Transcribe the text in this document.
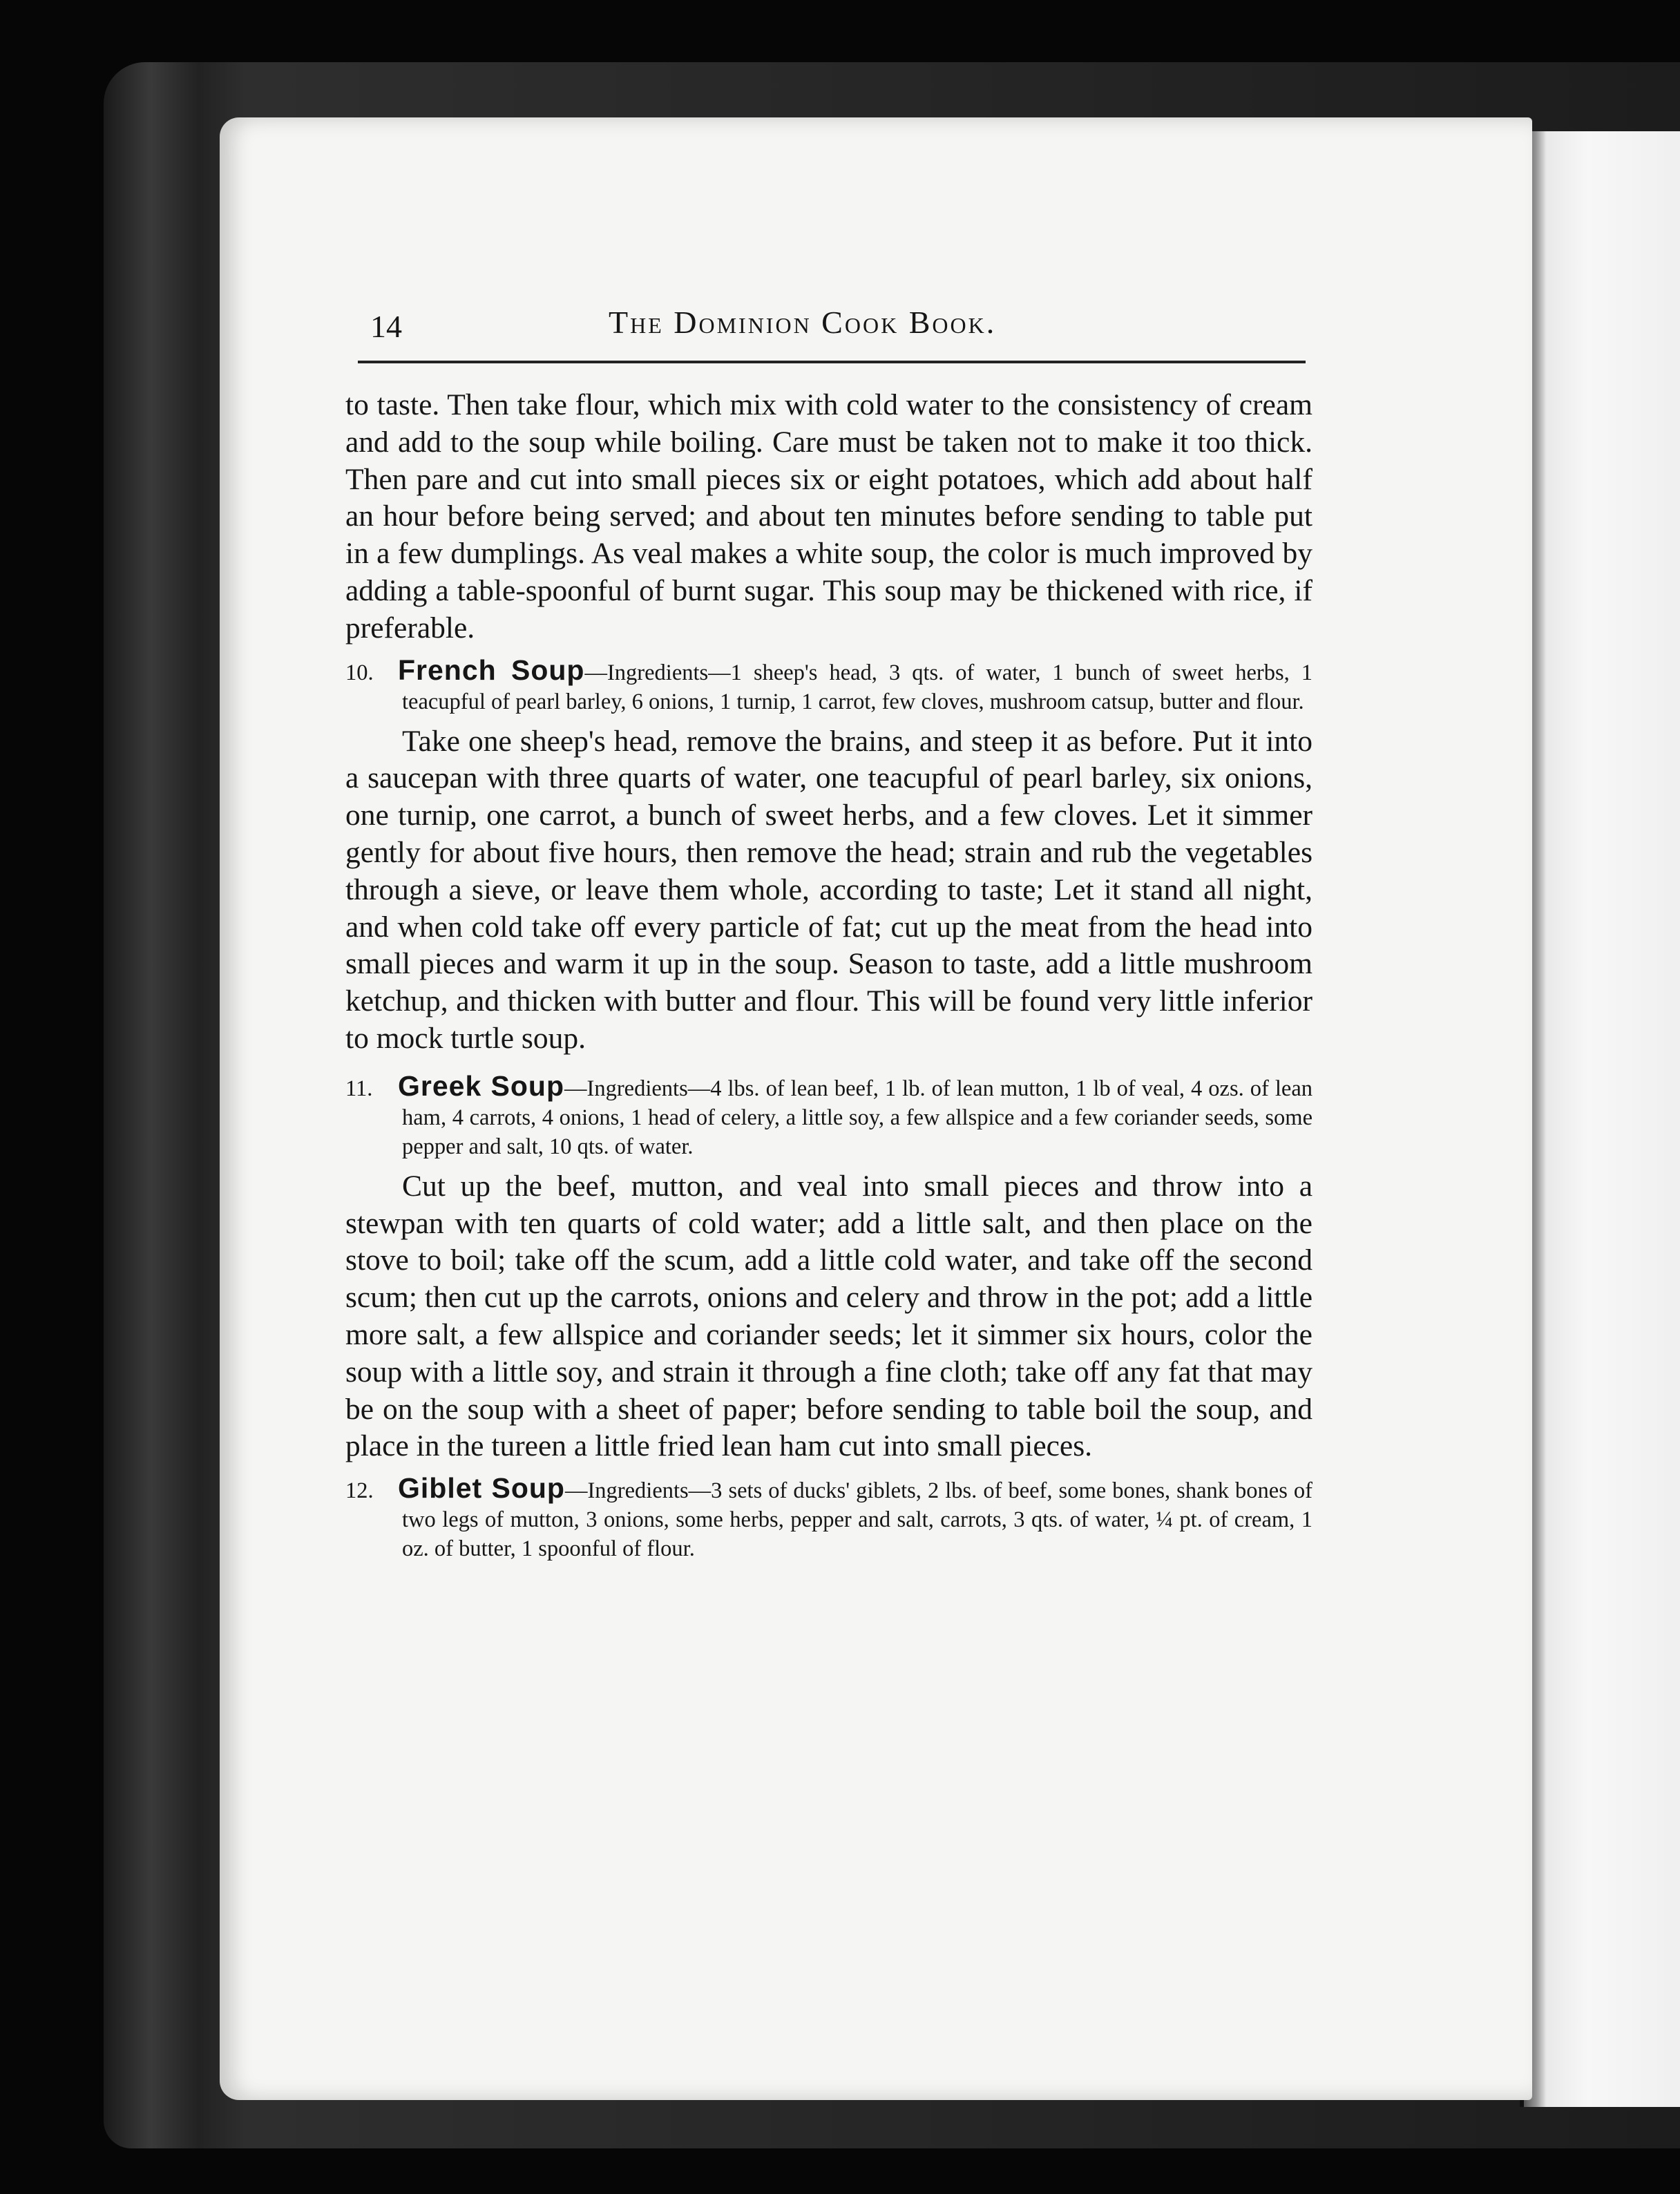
14	The Dominion Cook Book.

to taste. Then take flour, which mix with cold water to the consistency of cream and add to the soup while boiling. Care must be taken not to make it too thick. Then pare and cut into small pieces six or eight potatoes, which add about half an hour before being served; and about ten minutes before sending to table put in a few dumplings. As veal makes a white soup, the color is much improved by adding a table-spoonful of burnt sugar. This soup may be thickened with rice, if preferable.

10. French Soup—Ingredients—1 sheep's head, 3 qts. of water, 1 bunch of sweet herbs, 1 teacupful of pearl barley, 6 onions, 1 turnip, 1 carrot, few cloves, mushroom catsup, butter and flour.

Take one sheep's head, remove the brains, and steep it as before. Put it into a saucepan with three quarts of water, one teacupful of pearl barley, six onions, one turnip, one carrot, a bunch of sweet herbs, and a few cloves. Let it simmer gently for about five hours, then remove the head; strain and rub the vegetables through a sieve, or leave them whole, according to taste; Let it stand all night, and when cold take off every particle of fat; cut up the meat from the head into small pieces and warm it up in the soup. Season to taste, add a little mushroom ketchup, and thicken with butter and flour. This will be found very little inferior to mock turtle soup.

11. Greek Soup—Ingredients—4 lbs. of lean beef, 1 lb. of lean mutton, 1 lb of veal, 4 ozs. of lean ham, 4 carrots, 4 onions, 1 head of celery, a little soy, a few allspice and a few coriander seeds, some pepper and salt, 10 qts. of water.

Cut up the beef, mutton, and veal into small pieces and throw into a stewpan with ten quarts of cold water; add a little salt, and then place on the stove to boil; take off the scum, add a little cold water, and take off the second scum; then cut up the carrots, onions and celery and throw in the pot; add a little more salt, a few allspice and coriander seeds; let it simmer six hours, color the soup with a little soy, and strain it through a fine cloth; take off any fat that may be on the soup with a sheet of paper; before sending to table boil the soup, and place in the tureen a little fried lean ham cut into small pieces.

12. Giblet Soup—Ingredients—3 sets of ducks' giblets, 2 lbs. of beef, some bones, shank bones of two legs of mutton, 3 onions, some herbs, pepper and salt, carrots, 3 qts. of water, ¼ pt. of cream, 1 oz. of butter, 1 spoonful of flour.
